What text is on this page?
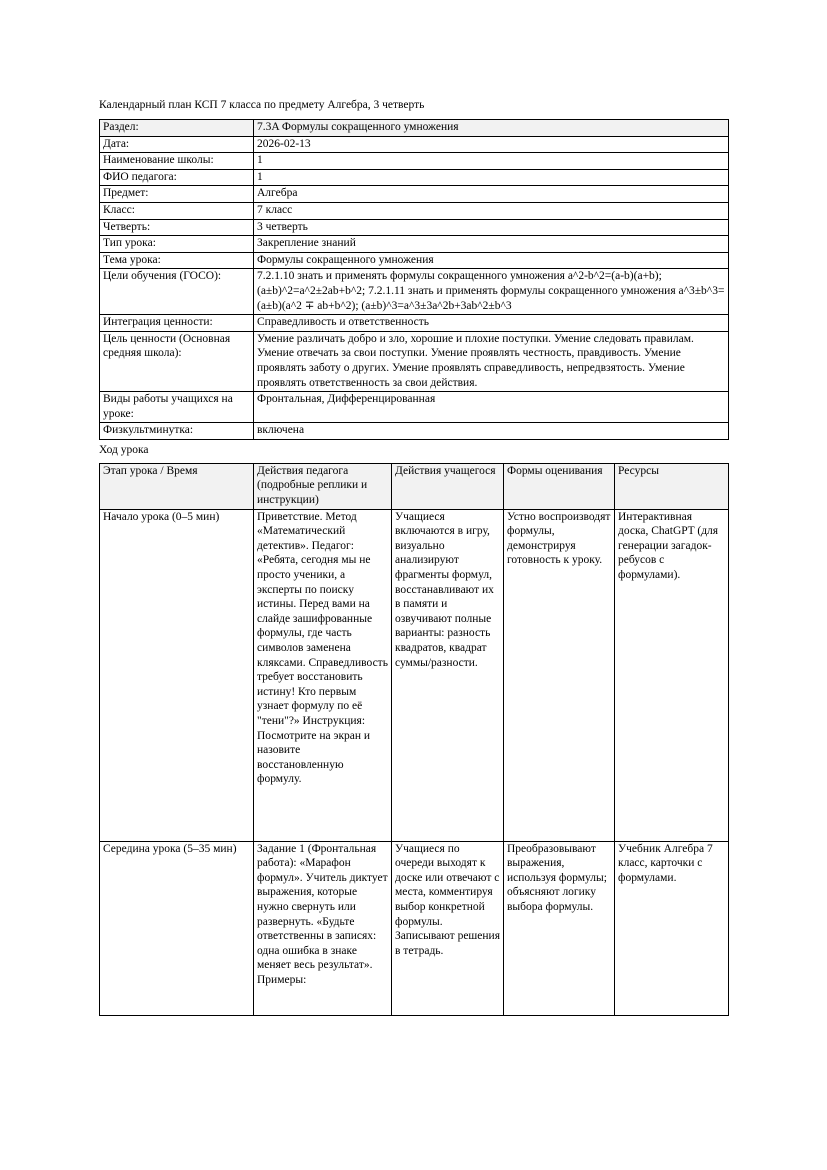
Календарный план КСП 7 класса по предмету Алгебра, 3 четверть

Раздел:	7.3A Формулы сокращенного умножения
Дата:	2026-02-13
Наименование школы:	1
ФИО педагога:	1
Предмет:	Алгебра
Класс:	7 класс
Четверть:	3 четверть
Тип урока:	Закрепление знаний
Тема урока:	Формулы сокращенного умножения
Цели обучения (ГОСО):	7.2.1.10 знать и применять формулы сокращенного умножения a^2-b^2=(a-b)(a+b); (a±b)^2=a^2±2ab+b^2; 7.2.1.11 знать и применять формулы сокращенного умножения a^3±b^3=(a±b)(a^2 ∓ ab+b^2); (a±b)^3=a^3±3a^2b+3ab^2±b^3
Интеграция ценности:	Справедливость и ответственность
Цель ценности (Основная средняя школа):	Умение различать добро и зло, хорошие и плохие поступки. Умение следовать правилам. Умение отвечать за свои поступки. Умение проявлять честность, правдивость. Умение проявлять заботу о других. Умение проявлять справедливость, непредвзятость. Умение проявлять ответственность за свои действия.
Виды работы учащихся на уроке:	Фронтальная, Дифференцированная
Физкультминутка:	включена

Ход урока

Этап урока / Время	Действия педагога (подробные реплики и инструкции)	Действия учащегося	Формы оценивания	Ресурсы
Начало урока (0–5 мин)	Приветствие. Метод «Математический детектив». Педагог: «Ребята, сегодня мы не просто ученики, а эксперты по поиску истины. Перед вами на слайде зашифрованные формулы, где часть символов заменена кляксами. Справедливость требует восстановить истину! Кто первым узнает формулу по её "тени"?» Инструкция: Посмотрите на экран и назовите восстановленную формулу.	Учащиеся включаются в игру, визуально анализируют фрагменты формул, восстанавливают их в памяти и озвучивают полные варианты: разность квадратов, квадрат суммы/разности.	Устно воспроизводят формулы, демонстрируя готовность к уроку.	Интерактивная доска, ChatGPT (для генерации загадок-ребусов с формулами).
Середина урока (5–35 мин)	Задание 1 (Фронтальная работа): «Марафон формул». Учитель диктует выражения, которые нужно свернуть или развернуть. «Будьте ответственны в записях: одна ошибка в знаке меняет весь результат». Примеры:	Учащиеся по очереди выходят к доске или отвечают с места, комментируя выбор конкретной формулы. Записывают решения в тетрадь.	Преобразовывают выражения, используя формулы; объясняют логику выбора формулы.	Учебник Алгебра 7 класс, карточки с формулами.
